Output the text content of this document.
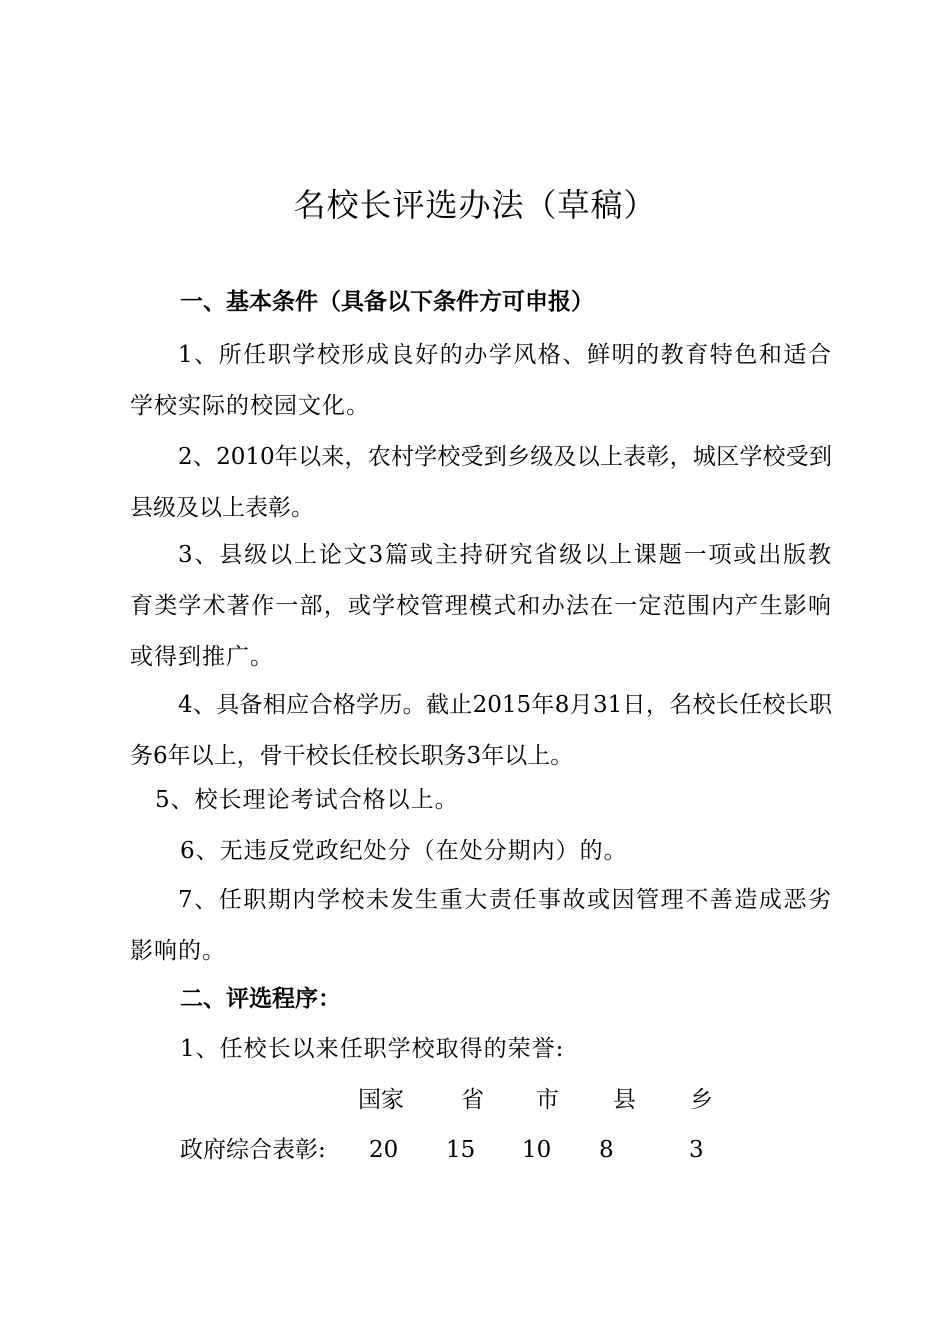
名校长评选办法（草稿）
一、基本条件（具备以下条件方可申报）

1、所任职学校形成良好的办学风格、鲜明的教育特色和适合学校实际的校园文化。

2、2010年以来，农村学校受到乡级及以上表彰，城区学校受到县级及以上表彰。

3、县级以上论文3篇或主持研究省级以上课题一项或出版教育类学术著作一部，或学校管理模式和办法在一定范围内产生影响或得到推广。

4、具备相应合格学历。截止2015年8月31日，名校长任校长职务6年以上，骨干校长任校长职务3年以上。

5、校长理论考试合格以上。
6、无违反党政纪处分（在处分期内）的。

7、任职期内学校未发生重大责任事故或因管理不善造成恶劣影响的。

二、评选程序：
1、任校长以来任职学校取得的荣誉:
国家 省 市 县 乡
政府综合表彰: 20 15 10 8	3
